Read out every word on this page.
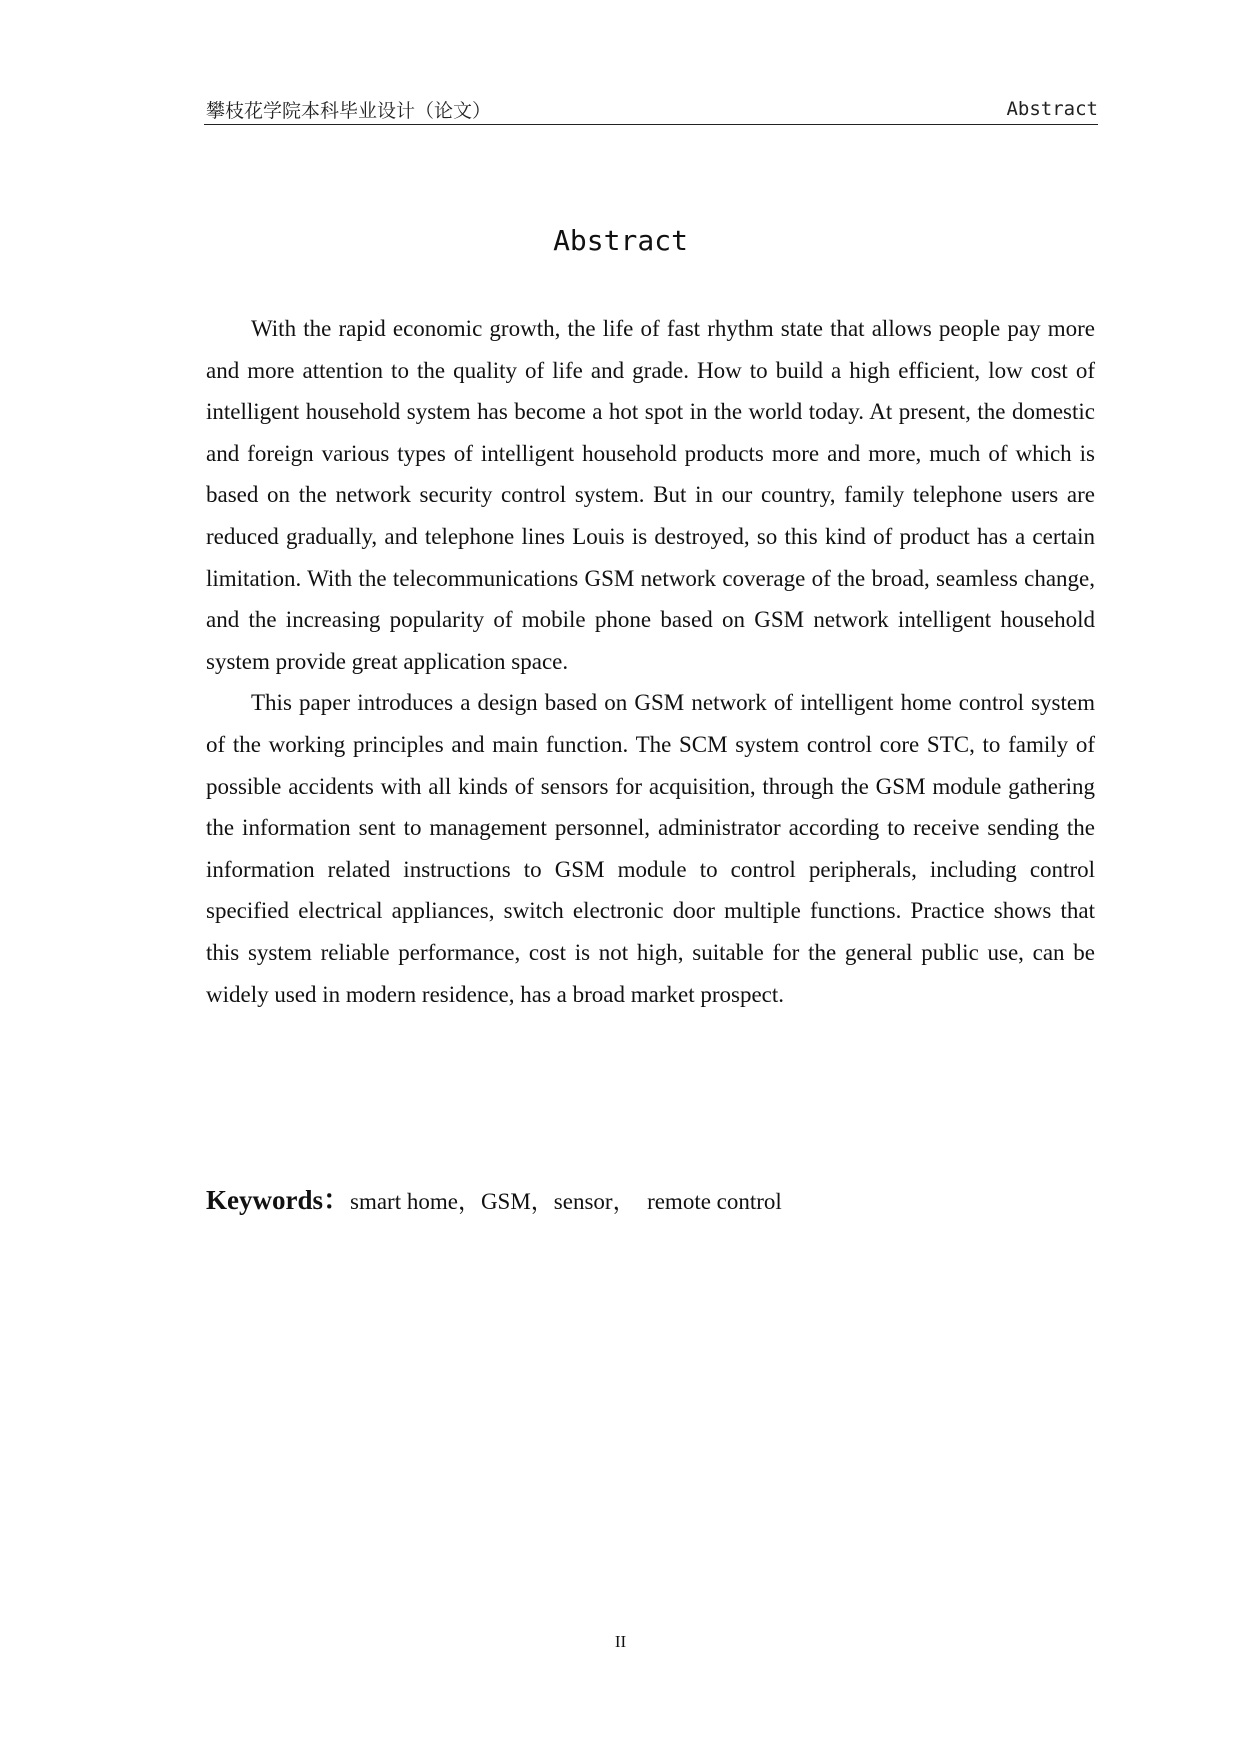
攀枝花学院本科毕业设计（论文）	Abstract
Abstract

With the rapid economic growth, the life of fast rhythm state that allows people pay more and more attention to the quality of life and grade. How to build a high efficient, low cost of intelligent household system has become a hot spot in the world today. At present, the domestic and foreign various types of intelligent household products more and more, much of which is based on the network security control system. But in our country, family telephone users are reduced gradually, and telephone lines Louis is destroyed, so this kind of product has a certain limitation. With the telecommunications GSM network coverage of the broad, seamless change, and the increasing popularity of mobile phone based on GSM network intelligent household system provide great application space.

This paper introduces a design based on GSM network of intelligent home control system of the working principles and main function. The SCM system control core STC, to family of possible accidents with all kinds of sensors for acquisition, through the GSM module gathering the information sent to management personnel, administrator according to receive sending the information related instructions to GSM module to control peripherals, including control specified electrical appliances, switch electronic door multiple functions. Practice shows that this system reliable performance, cost is not high, suitable for the general public use, can be widely used in modern residence, has a broad market prospect.

Keywords：smart home，GSM，sensor，  remote control
II
